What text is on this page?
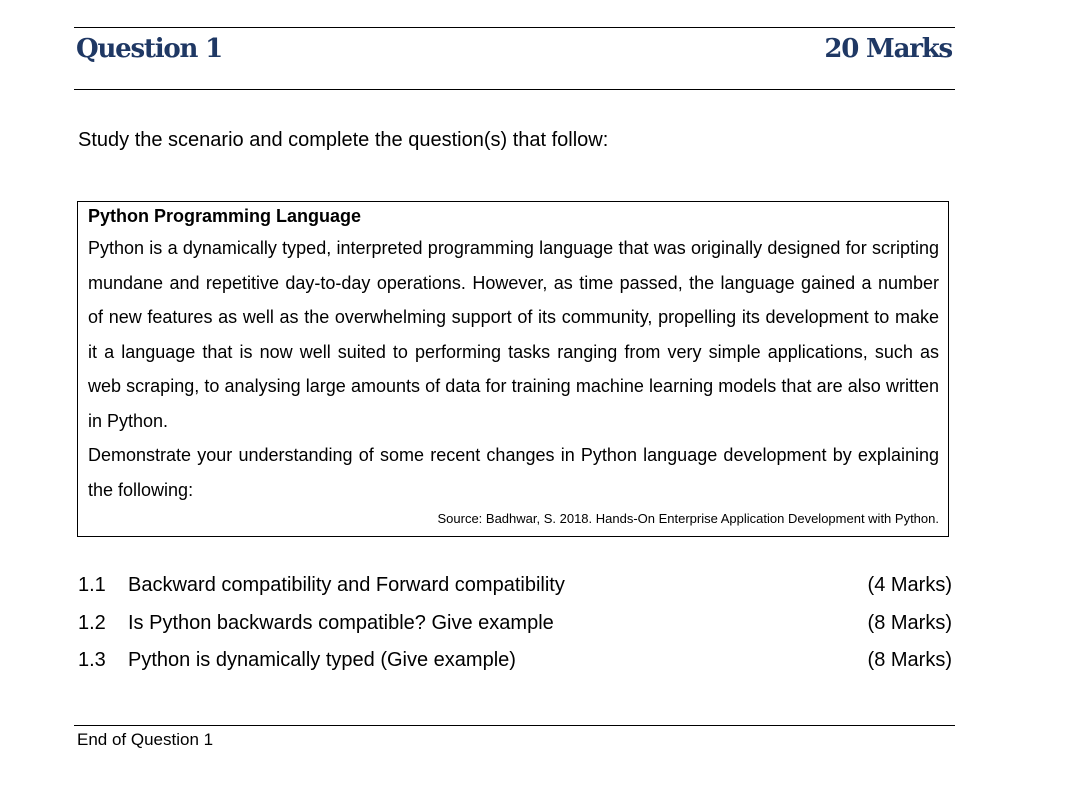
Question 1	20 Marks
Study the scenario and complete the question(s) that follow:

Python Programming Language

Python is a dynamically typed, interpreted programming language that was originally designed for scripting mundane and repetitive day-to-day operations. However, as time passed, the language gained a number of new features as well as the overwhelming support of its community, propelling its development to make it a language that is now well suited to performing tasks ranging from very simple applications, such as web scraping, to analysing large amounts of data for training machine learning models that are also written in Python.

Demonstrate your understanding of some recent changes in Python language development by explaining the following:

Source: Badhwar, S. 2018. Hands-On Enterprise Application Development with Python.
1.1	Backward compatibility and Forward compatibility	(4 Marks)
1.2	Is Python backwards compatible? Give example	(8 Marks)
1.3	Python is dynamically typed (Give example)	(8 Marks)
End of Question 1
